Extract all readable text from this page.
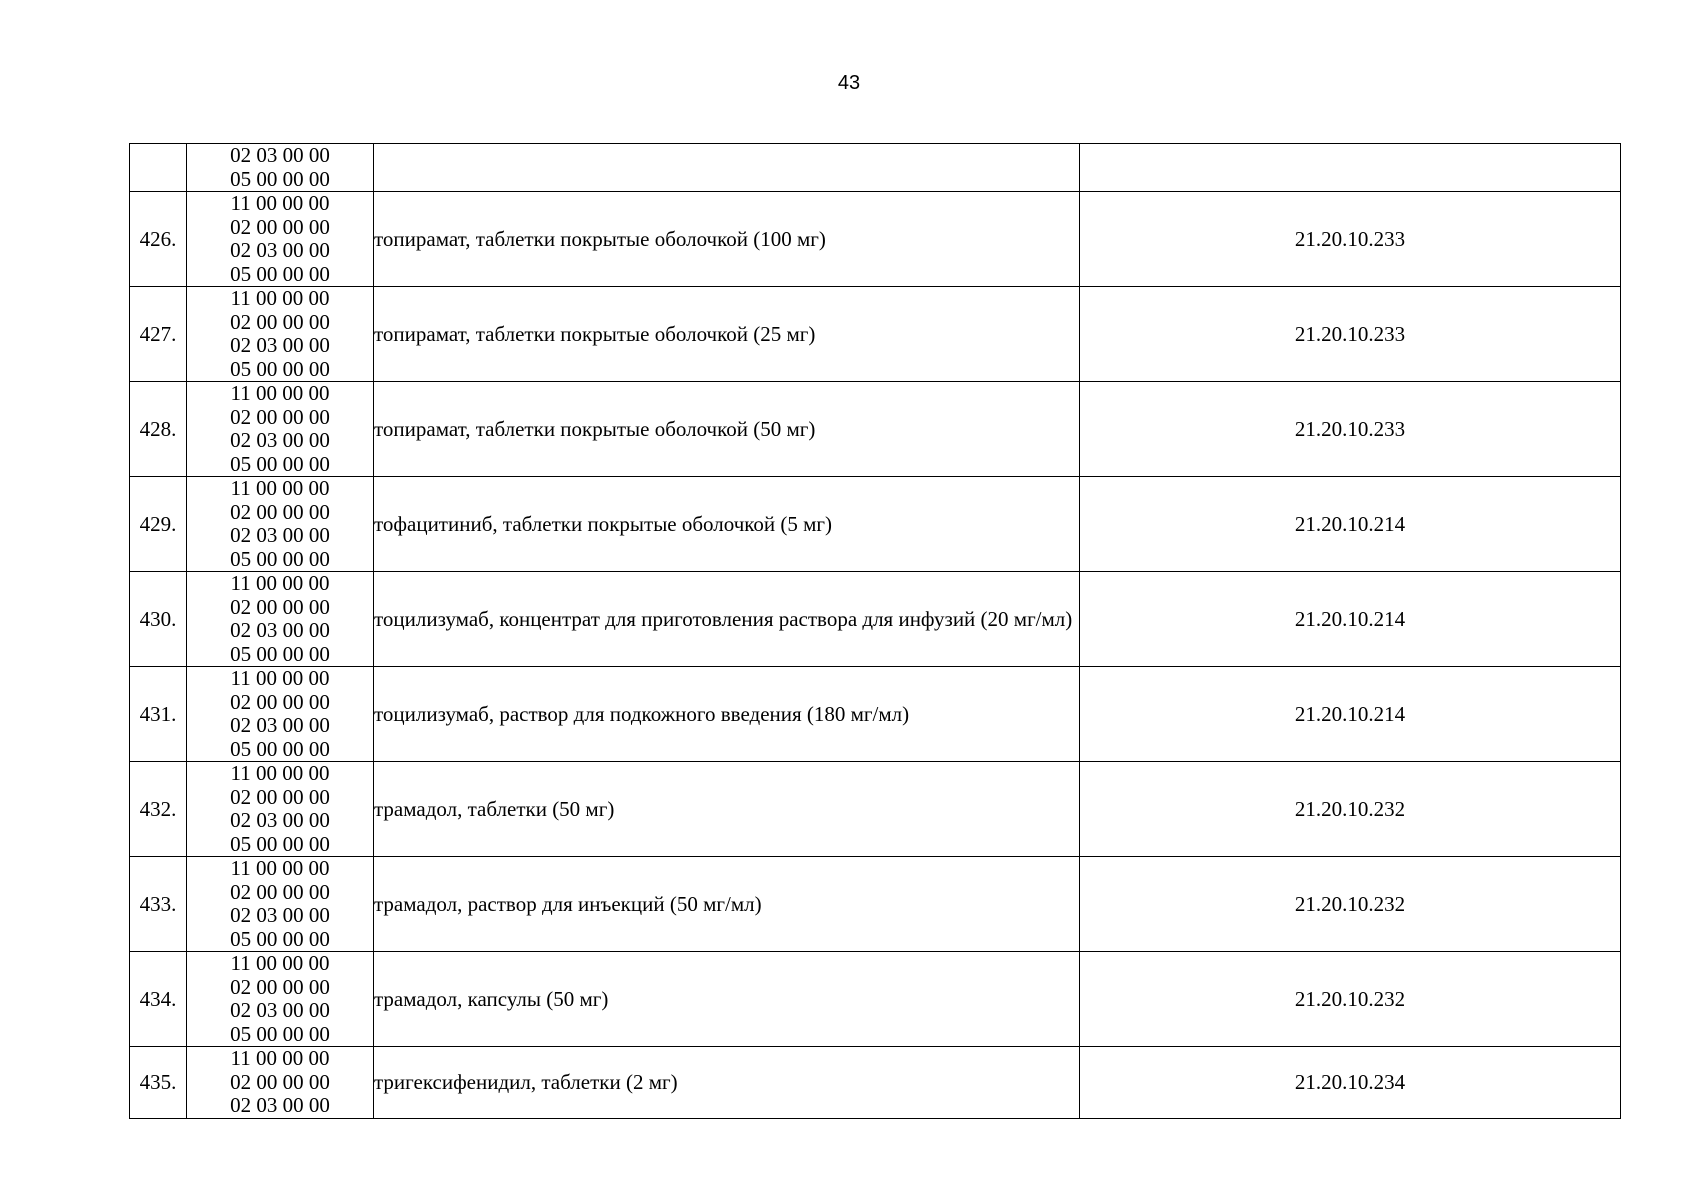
43

	02 03 00 00
05 00 00 00		

426.	11 00 00 00
02 00 00 00
02 03 00 00
05 00 00 00	топирамат, таблетки покрытые оболочкой (100 мг)	21.20.10.233
427.	11 00 00 00
02 00 00 00
02 03 00 00
05 00 00 00	топирамат, таблетки покрытые оболочкой (25 мг)	21.20.10.233
428.	11 00 00 00
02 00 00 00
02 03 00 00
05 00 00 00	топирамат, таблетки покрытые оболочкой (50 мг)	21.20.10.233
429.	11 00 00 00
02 00 00 00
02 03 00 00
05 00 00 00	тофацитиниб, таблетки покрытые оболочкой (5 мг)	21.20.10.214
430.	11 00 00 00
02 00 00 00
02 03 00 00
05 00 00 00	тоцилизумаб, концентрат для приготовления раствора для инфузий (20 мг/мл)	21.20.10.214
431.	11 00 00 00
02 00 00 00
02 03 00 00
05 00 00 00	тоцилизумаб, раствор для подкожного введения (180 мг/мл)	21.20.10.214
432.	11 00 00 00
02 00 00 00
02 03 00 00
05 00 00 00	трамадол, таблетки (50 мг)	21.20.10.232
433.	11 00 00 00
02 00 00 00
02 03 00 00
05 00 00 00	трамадол, раствор для инъекций (50 мг/мл)	21.20.10.232
434.	11 00 00 00
02 00 00 00
02 03 00 00
05 00 00 00	трамадол, капсулы (50 мг)	21.20.10.232
435.	11 00 00 00
02 00 00 00
02 03 00 00	тригексифенидил, таблетки (2 мг)	21.20.10.234
